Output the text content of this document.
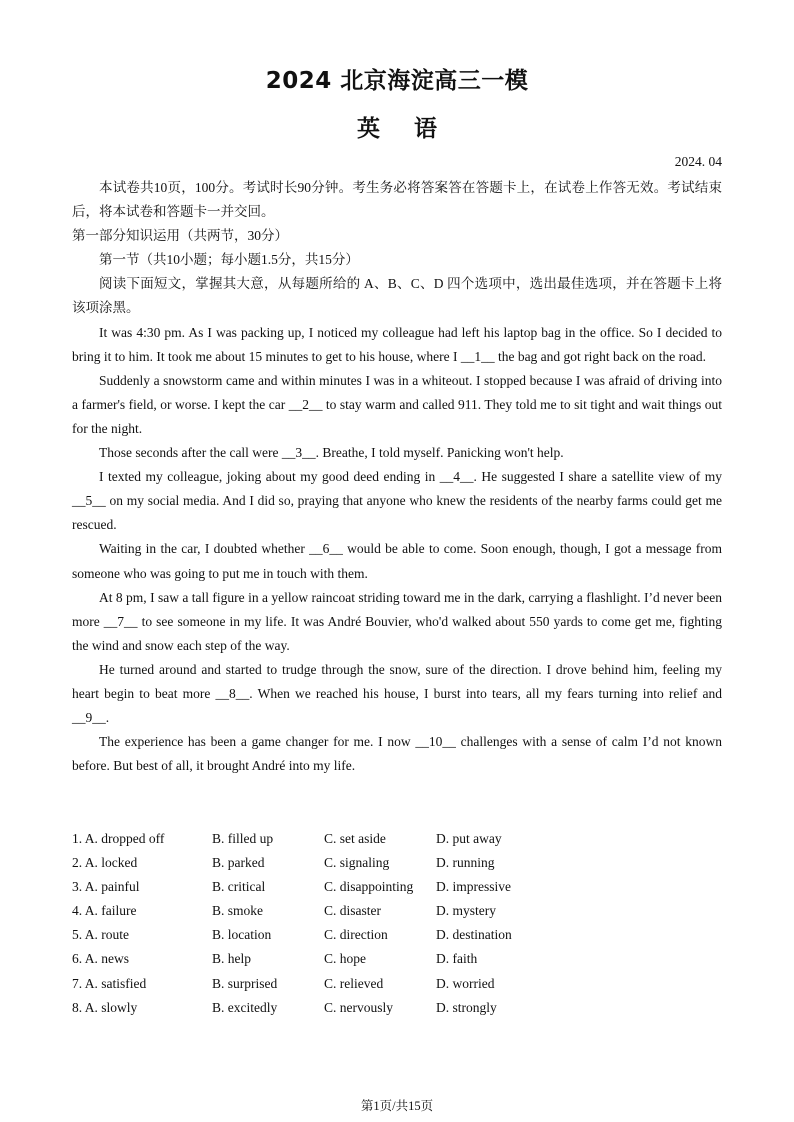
2024 北京海淀高三一模
英语
2024. 04

本试卷共10页，100分。考试时长90分钟。考生务必将答案答在答题卡上，在试卷上作答无效。考试结束后，将本试卷和答题卡一并交回。

第一部分知识运用（共两节，30分）

第一节（共10小题；每小题1.5分，共15分）

阅读下面短文，掌握其大意，从每题所给的 A、B、C、D 四个选项中，选出最佳选项，并在答题卡上将该项涂黑。

It was 4:30 pm. As I was packing up, I noticed my colleague had left his laptop bag in the office. So I decided to bring it to him. It took me about 15 minutes to get to his house, where I __1__ the bag and got right back on the road.

Suddenly a snowstorm came and within minutes I was in a whiteout. I stopped because I was afraid of driving into a farmer's field, or worse. I kept the car __2__ to stay warm and called 911. They told me to sit tight and wait things out for the night.

Those seconds after the call were __3__. Breathe, I told myself. Panicking won't help.

I texted my colleague, joking about my good deed ending in __4__. He suggested I share a satellite view of my __5__ on my social media. And I did so, praying that anyone who knew the residents of the nearby farms could get me rescued.

Waiting in the car, I doubted whether __6__ would be able to come. Soon enough, though, I got a message from someone who was going to put me in touch with them.

At 8 pm, I saw a tall figure in a yellow raincoat striding toward me in the dark, carrying a flashlight. I’d never been more __7__ to see someone in my life. It was André Bouvier, who'd walked about 550 yards to come get me, fighting the wind and snow each step of the way.

He turned around and started to trudge through the snow, sure of the direction. I drove behind him, feeling my heart begin to beat more __8__. When we reached his house, I burst into tears, all my fears turning into relief and __9__.

The experience has been a game changer for me. I now __10__ challenges with a sense of calm I’d not known before. But best of all, it brought André into my life.

1. A. dropped off	B. filled up	C. set aside	D. put away
2. A. locked	B. parked	C. signaling	D. running
3. A. painful	B. critical	C. disappointing	D. impressive
4. A. failure	B. smoke	C. disaster	D. mystery
5. A. route	B. location	C. direction	D. destination
6. A. news	B. help	C. hope	D. faith
7. A. satisfied	B. surprised	C. relieved	D. worried
8. A. slowly	B. excitedly	C. nervously	D. strongly
第1页/共15页
